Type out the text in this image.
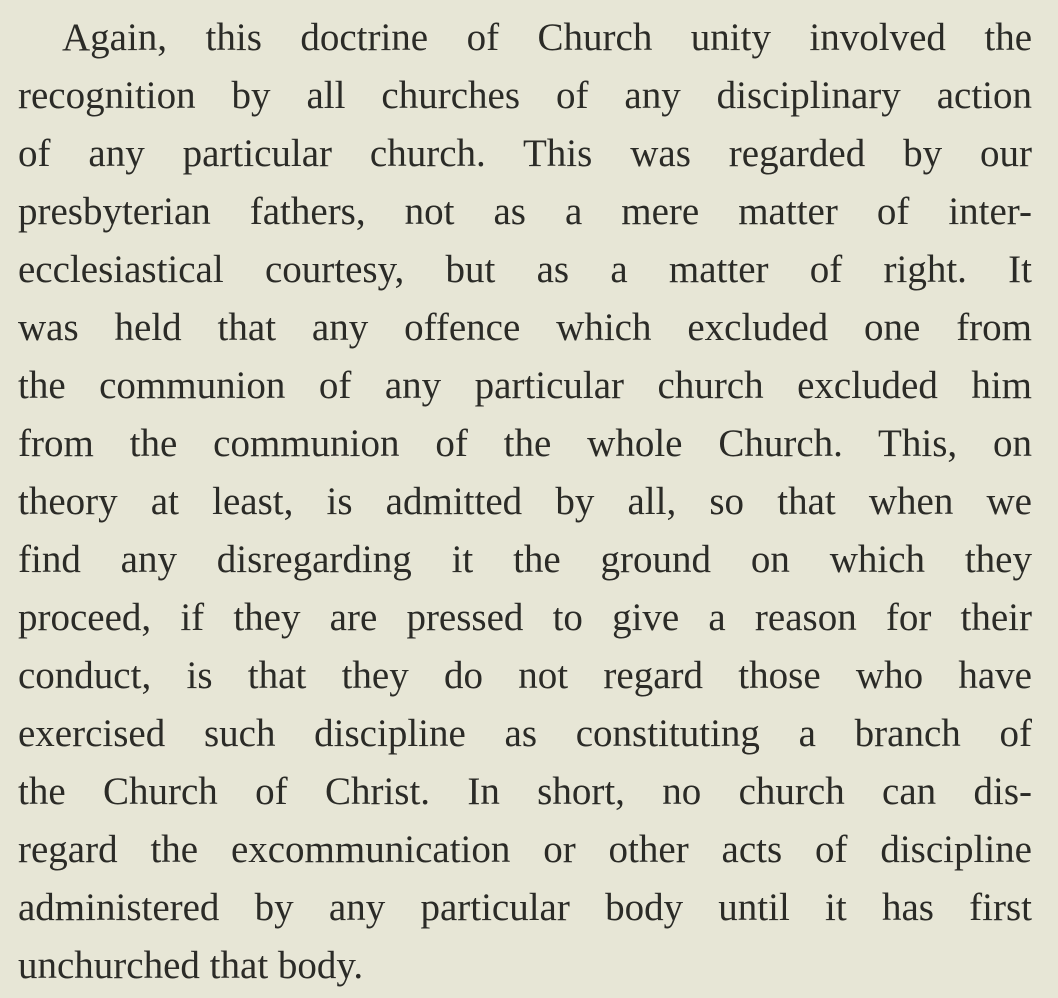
Again, this doctrine of Church unity involved the

recognition by all churches of any disciplinary action

of any particular church. This was regarded by our

presbyterian fathers, not as a mere matter of inter-

ecclesiastical courtesy, but as a matter of right. It

was held that any offence which excluded one from

the communion of any particular church excluded him

from the communion of the whole Church. This, on

theory at least, is admitted by all, so that when we

find any disregarding it the ground on which they

proceed, if they are pressed to give a reason for their

conduct, is that they do not regard those who have

exercised such discipline as constituting a branch of

the Church of Christ. In short, no church can dis-

regard the excommunication or other acts of discipline

administered by any particular body until it has first

unchurched that body.
